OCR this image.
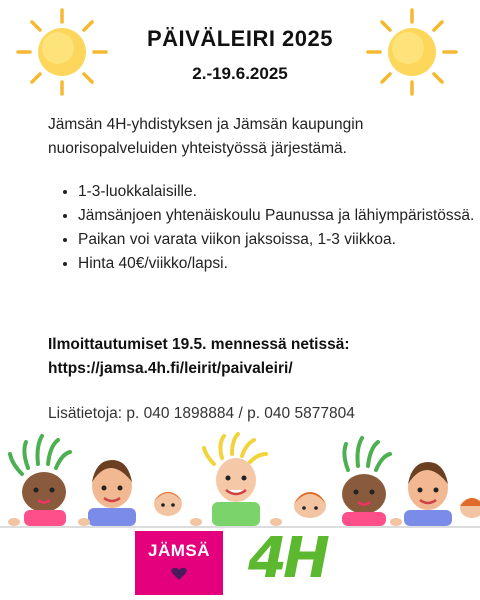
PÄIVÄLEIRI 2025
2.-19.6.2025
Jämsän 4H-yhdistyksen ja Jämsän kaupungin nuorisopalveluiden yhteistyössä järjestämä.
• 1-3-luokkalaisille.
• Jämsänjoen yhtenäiskoulu Paunussa ja lähiympäristössä.
• Paikan voi varata viikon jaksoissa, 1-3 viikkoa.
• Hinta 40€/viikko/lapsi.
Ilmoittautumiset 19.5. mennessä netissä:
https://jamsa.4h.fi/leirit/paivaleiri/
Lisätietoja: p. 040 1898884 / p. 040 5877804
JÄMSÄ 4H
